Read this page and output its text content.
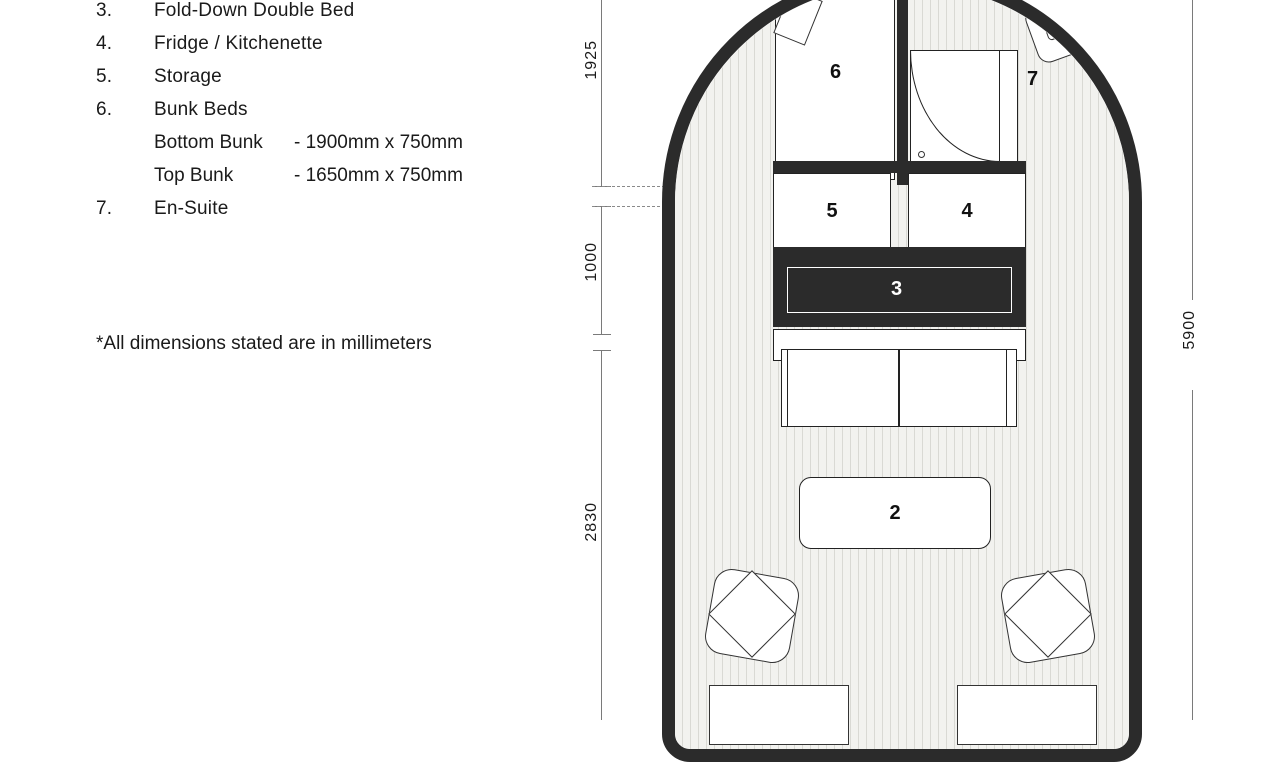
3.	Fold-Down Double Bed
4.	Fridge / Kitchenette
5.	Storage
6.	Bunk Beds
Bottom Bunk	- 1900mm x 750mm
Top Bunk	- 1650mm x 750mm
7.	En-Suite
*All dimensions stated are in millimeters
1925
1000
2830
5900
6	7
5	4
3
2
